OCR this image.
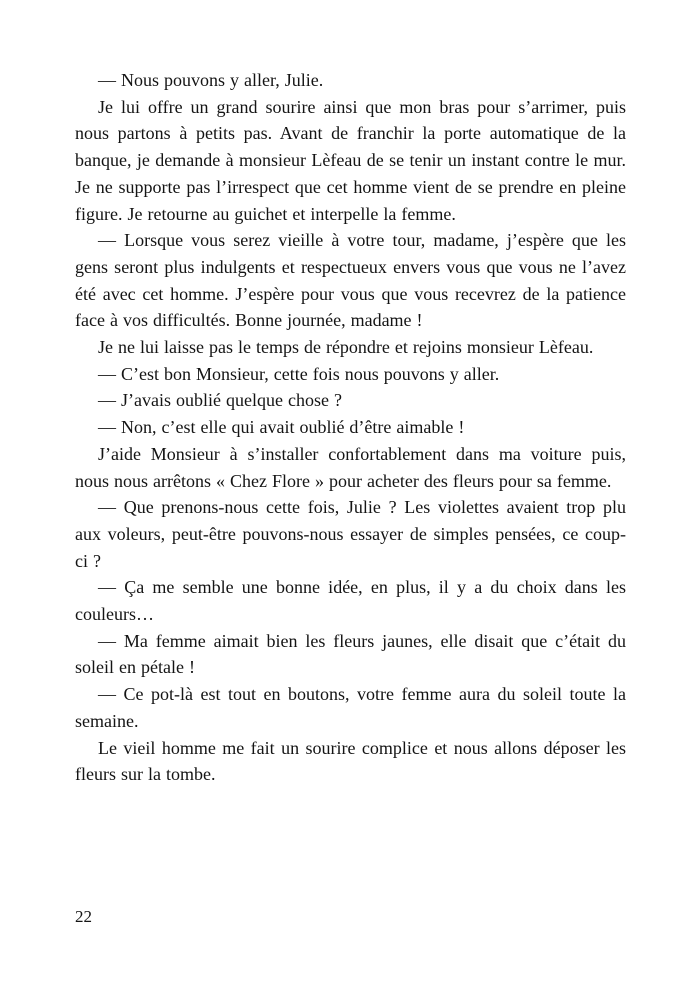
— Nous pouvons y aller, Julie.

Je lui offre un grand sourire ainsi que mon bras pour s’arrimer, puis nous partons à petits pas. Avant de franchir la porte automatique de la banque, je demande à monsieur Lèfeau de se tenir un instant contre le mur. Je ne supporte pas l’irrespect que cet homme vient de se prendre en pleine figure. Je retourne au guichet et interpelle la femme.

— Lorsque vous serez vieille à votre tour, madame, j’espère que les gens seront plus indulgents et respectueux envers vous que vous ne l’avez été avec cet homme. J’espère pour vous que vous recevrez de la patience face à vos difficultés. Bonne journée, madame !

Je ne lui laisse pas le temps de répondre et rejoins monsieur Lèfeau.

— C’est bon Monsieur, cette fois nous pouvons y aller.

— J’avais oublié quelque chose ?

— Non, c’est elle qui avait oublié d’être aimable !

J’aide Monsieur à s’installer confortablement dans ma voiture puis, nous nous arrêtons « Chez Flore » pour acheter des fleurs pour sa femme.

— Que prenons-nous cette fois, Julie ? Les violettes avaient trop plu aux voleurs, peut-être pouvons-nous essayer de simples pensées, ce coup-ci ?

— Ça me semble une bonne idée, en plus, il y a du choix dans les couleurs…

— Ma femme aimait bien les fleurs jaunes, elle disait que c’était du soleil en pétale !

— Ce pot-là est tout en boutons, votre femme aura du soleil toute la semaine.

Le vieil homme me fait un sourire complice et nous allons déposer les fleurs sur la tombe.

22
